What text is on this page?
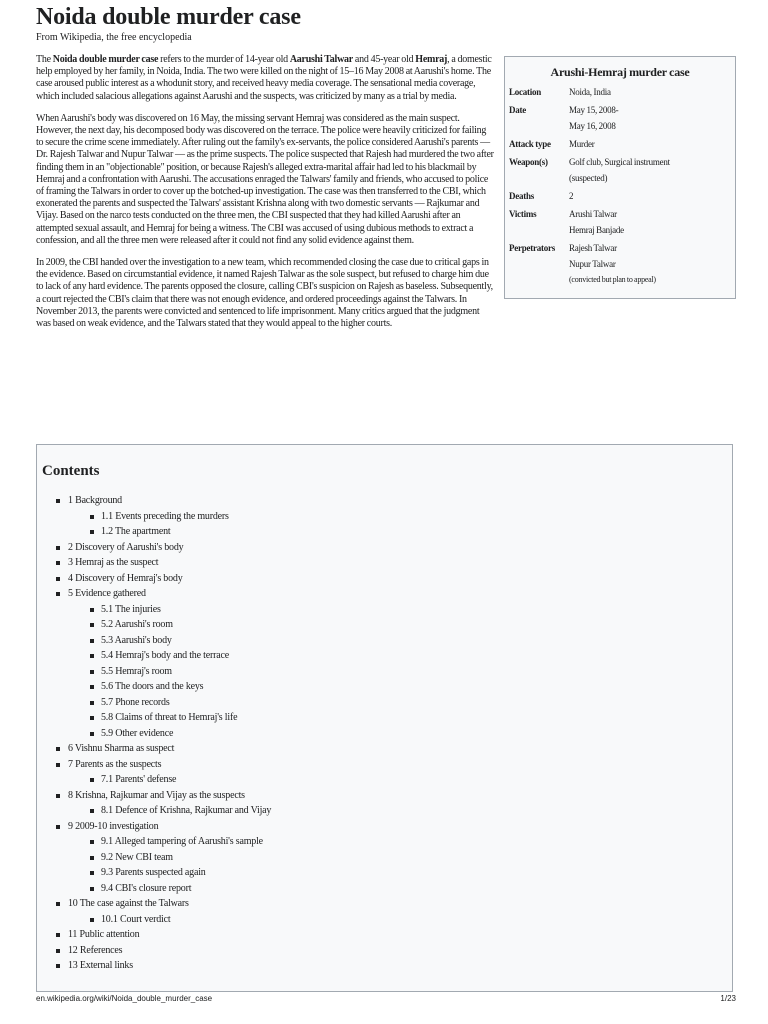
Noida double murder case
From Wikipedia, the free encyclopedia
Arushi-Hemraj murder case
Location	Noida, India
Date	May 15, 2008-
May 16, 2008
Attack type	Murder
Weapon(s)	Golf club, Surgical instrument
(suspected)
Deaths	2
Victims	Arushi Talwar
Hemraj Banjade
Perpetrators	Rajesh Talwar
Nupur Talwar
(convicted but plan to appeal)

The Noida double murder case refers to the murder of 14-year old Aarushi Talwar and 45-year old Hemraj, a domestic help employed by her family, in Noida, India. The two were killed on the night of 15–16 May 2008 at Aarushi's home. The case aroused public interest as a whodunit story, and received heavy media coverage. The sensational media coverage, which included salacious allegations against Aarushi and the suspects, was criticized by many as a trial by media.

When Aarushi's body was discovered on 16 May, the missing servant Hemraj was considered as the main suspect. However, the next day, his decomposed body was discovered on the terrace. The police were heavily criticized for failing to secure the crime scene immediately. After ruling out the family's ex-servants, the police considered Aarushi's parents — Dr. Rajesh Talwar and Nupur Talwar — as the prime suspects. The police suspected that Rajesh had murdered the two after finding them in an "objectionable" position, or because Rajesh's alleged extra-marital affair had led to his blackmail by Hemraj and a confrontation with Aarushi. The accusations enraged the Talwars' family and friends, who accused to police of framing the Talwars in order to cover up the botched-up investigation. The case was then transferred to the CBI, which exonerated the parents and suspected the Talwars' assistant Krishna along with two domestic servants — Rajkumar and Vijay. Based on the narco tests conducted on the three men, the CBI suspected that they had killed Aarushi after an attempted sexual assault, and Hemraj for being a witness. The CBI was accused of using dubious methods to extract a confession, and all the three men were released after it could not find any solid evidence against them.

In 2009, the CBI handed over the investigation to a new team, which recommended closing the case due to critical gaps in the evidence. Based on circumstantial evidence, it named Rajesh Talwar as the sole suspect, but refused to charge him due to lack of any hard evidence. The parents opposed the closure, calling CBI's suspicion on Rajesh as baseless. Subsequently, a court rejected the CBI's claim that there was not enough evidence, and ordered proceedings against the Talwars. In November 2013, the parents were convicted and sentenced to life imprisonment. Many critics argued that the judgment was based on weak evidence, and the Talwars stated that they would appeal to the higher courts.

Contents
1 Background
1.1 Events preceding the murders
1.2 The apartment
2 Discovery of Aarushi's body
3 Hemraj as the suspect
4 Discovery of Hemraj's body
5 Evidence gathered
5.1 The injuries
5.2 Aarushi's room
5.3 Aarushi's body
5.4 Hemraj's body and the terrace
5.5 Hemraj's room
5.6 The doors and the keys
5.7 Phone records
5.8 Claims of threat to Hemraj's life
5.9 Other evidence
6 Vishnu Sharma as suspect
7 Parents as the suspects
7.1 Parents' defense
8 Krishna, Rajkumar and Vijay as the suspects
8.1 Defence of Krishna, Rajkumar and Vijay
9 2009-10 investigation
9.1 Alleged tampering of Aarushi's sample
9.2 New CBI team
9.3 Parents suspected again
9.4 CBI's closure report
10 The case against the Talwars
10.1 Court verdict
11 Public attention
12 References
13 External links
en.wikipedia.org/wiki/Noida_double_murder_case	1/23
